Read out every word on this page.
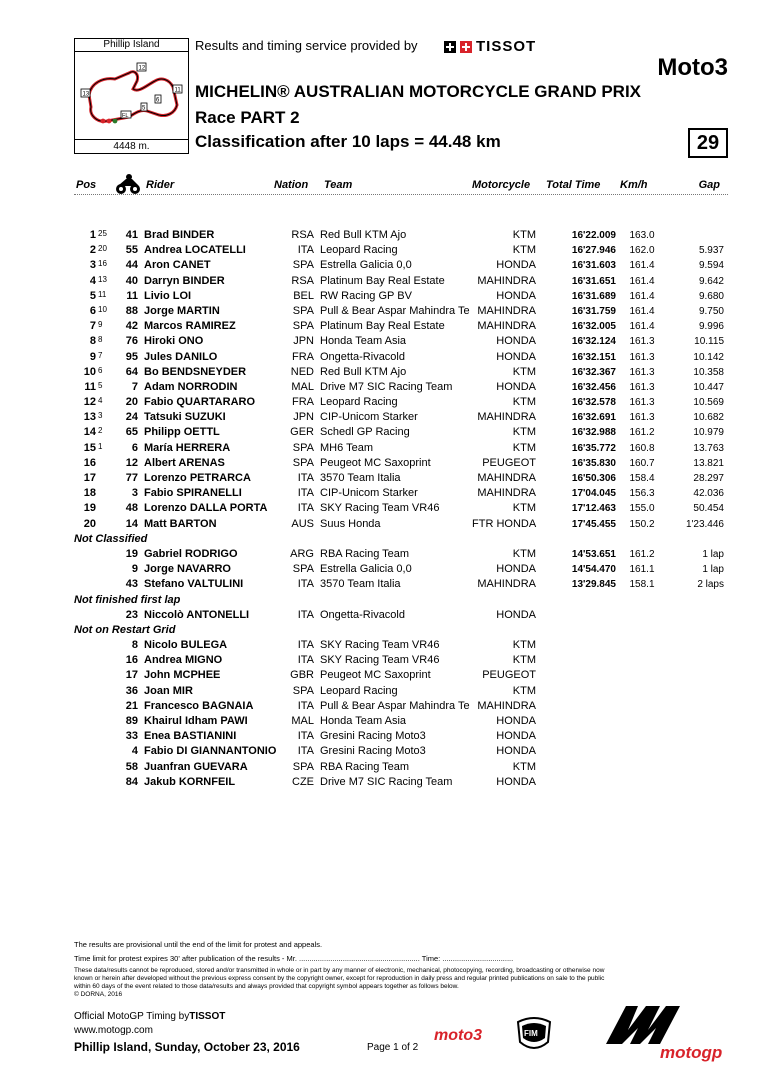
Phillip Island
12
13
11
6
5
FL
4448 m.
Results and timing service provided by	TISSOT
Moto3
MICHELIN® AUSTRALIAN MOTORCYCLE GRAND PRIX
Race PART 2
Classification after 10 laps = 44.48 km	29
Pos	Rider	Nation Team	Motorcycle Total Time Km/h	Gap
1 25	41 Brad BINDER	RSA Red Bull KTM Ajo	KTM	16'22.009	163.0
2 20	55 Andrea LOCATELLI	ITA Leopard Racing	KTM	16'27.946	162.0	5.937
3 16	44 Aron CANET	SPA Estrella Galicia 0,0	HONDA	16'31.603	161.4	9.594
4 13	40 Darryn BINDER	RSA Platinum Bay Real Estate	MAHINDRA	16'31.651	161.4	9.642
5 11	11 Livio LOI	BEL RW Racing GP BV	HONDA	16'31.689	161.4	9.680
6 10	88 Jorge MARTIN	SPA Pull & Bear Aspar Mahindra Te MAHINDRA	16'31.759	161.4	9.750
7 9	42 Marcos RAMIREZ	SPA Platinum Bay Real Estate	MAHINDRA	16'32.005	161.4	9.996
8 8	76 Hiroki ONO	JPN Honda Team Asia	HONDA	16'32.124	161.3	10.115
9 7	95 Jules DANILO	FRA Ongetta-Rivacold	HONDA	16'32.151	161.3	10.142
10 6	64 Bo BENDSNEYDER	NED Red Bull KTM Ajo	KTM	16'32.367	161.3	10.358
11 5	7 Adam NORRODIN	MAL Drive M7 SIC Racing Team	HONDA	16'32.456	161.3	10.447
12 4	20 Fabio QUARTARARO	FRA Leopard Racing	KTM	16'32.578	161.3	10.569
13 3	24 Tatsuki SUZUKI	JPN CIP-Unicom Starker	MAHINDRA	16'32.691	161.3	10.682
14 2	65 Philipp OETTL	GER Schedl GP Racing	KTM	16'32.988	161.2	10.979
15 1	6 María HERRERA	SPA MH6 Team	KTM	16'35.772	160.8	13.763
16	12 Albert ARENAS	SPA Peugeot MC Saxoprint	PEUGEOT	16'35.830	160.7	13.821
17	77 Lorenzo PETRARCA	ITA 3570 Team Italia	MAHINDRA	16'50.306	158.4	28.297
18	3 Fabio SPIRANELLI	ITA CIP-Unicom Starker	MAHINDRA	17'04.045	156.3	42.036
19	48 Lorenzo DALLA PORTA	ITA SKY Racing Team VR46	KTM	17'12.463	155.0	50.454
20	14 Matt BARTON	AUS Suus Honda	FTR HONDA	17'45.455	150.2	1'23.446
Not Classified
19 Gabriel RODRIGO	ARG RBA Racing Team	KTM	14'53.651	161.2	1 lap
9 Jorge NAVARRO	SPA Estrella Galicia 0,0	HONDA	14'54.470	161.1	1 lap
43 Stefano VALTULINI	ITA 3570 Team Italia	MAHINDRA	13'29.845	158.1	2 laps
Not finished first lap
23 Niccolò ANTONELLI	ITA Ongetta-Rivacold	HONDA
Not on Restart Grid
8 Nicolo BULEGA	ITA SKY Racing Team VR46	KTM
16 Andrea MIGNO	ITA SKY Racing Team VR46	KTM
17 John MCPHEE	GBR Peugeot MC Saxoprint	PEUGEOT
36 Joan MIR	SPA Leopard Racing	KTM
21 Francesco BAGNAIA	ITA Pull & Bear Aspar Mahindra Te MAHINDRA
89 Khairul Idham PAWI	MAL Honda Team Asia	HONDA
33 Enea BASTIANINI	ITA Gresini Racing Moto3	HONDA
4 Fabio DI GIANNANTONIO	ITA Gresini Racing Moto3	HONDA
58 Juanfran GUEVARA	SPA RBA Racing Team	KTM
84 Jakub KORNFEIL	CZE Drive M7 SIC Racing Team	HONDA
The results are provisional until the end of the limit for protest and appeals.
Time limit for protest expires 30' after publication of the results - Mr. .......................................................... Time: ..................................
These data/results cannot be reproduced, stored and/or transmitted in whole or in part by any manner of electronic, mechanical, photocopying, recording, broadcasting or otherwise now
known or herein after developed without the previous express consent by the copyright owner, except for reproduction in daily press and regular printed publications on sale to the public
within 60 days of the event related to those data/results and always provided that copyright symbol appears together as follows below.
© DORNA, 2016
Official MotoGP Timing byTISSOT
www.motogp.com
Phillip Island, Sunday, October 23, 2016	Page 1 of 2
moto3	FIM
motogp
